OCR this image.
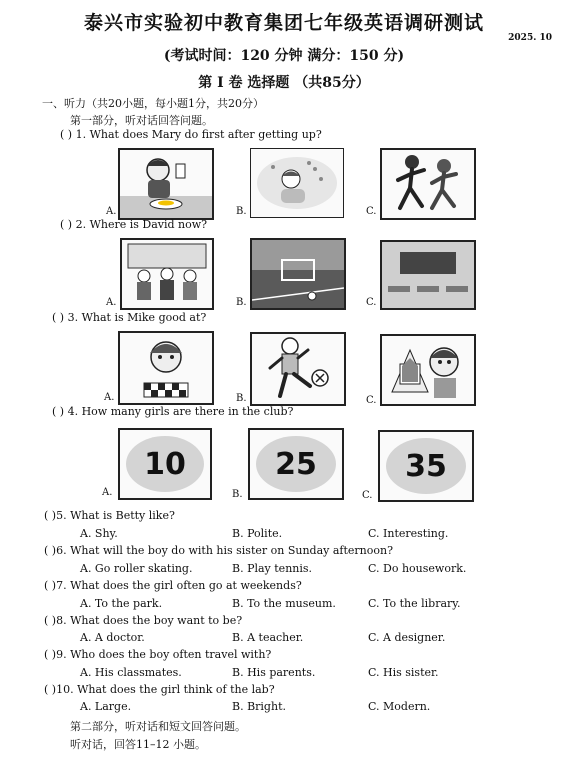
泰兴市实验初中教育集团七年级英语调研测试
2025. 10
(考试时间：120 分钟 满分：150 分)
第 I 卷 选择题 （共85分）
一、听力（共20小题，每小题1分，共20分）
第一部分，听对话回答问题。
( ) 1. What does Mary do first after getting up?
A.	B.	C.
( ) 2. Where is David now?
A.	B.	C.
( ) 3. What is Mike good at?
A.	B.	C.
( ) 4. How many girls are there in the club?
10
A.
25
B.
35
C.
( )5. What is Betty like?
A. Shy.	B. Polite.	C. Interesting.
( )6. What will the boy do with his sister on Sunday afternoon?
A. Go roller skating.	B. Play tennis.	C. Do housework.
( )7. What does the girl often go at weekends?
A. To the park.	B. To the museum.	C. To the library.
( )8. What does the boy want to be?
A. A doctor.	B. A teacher.	C. A designer.
( )9. Who does the boy often travel with?
A. His classmates.	B. His parents.	C. His sister.
( )10. What does the girl think of the lab?
A. Large.	B. Bright.	C. Modern.
第二部分，听对话和短文回答问题。
听对话，回答11–12 小题。
